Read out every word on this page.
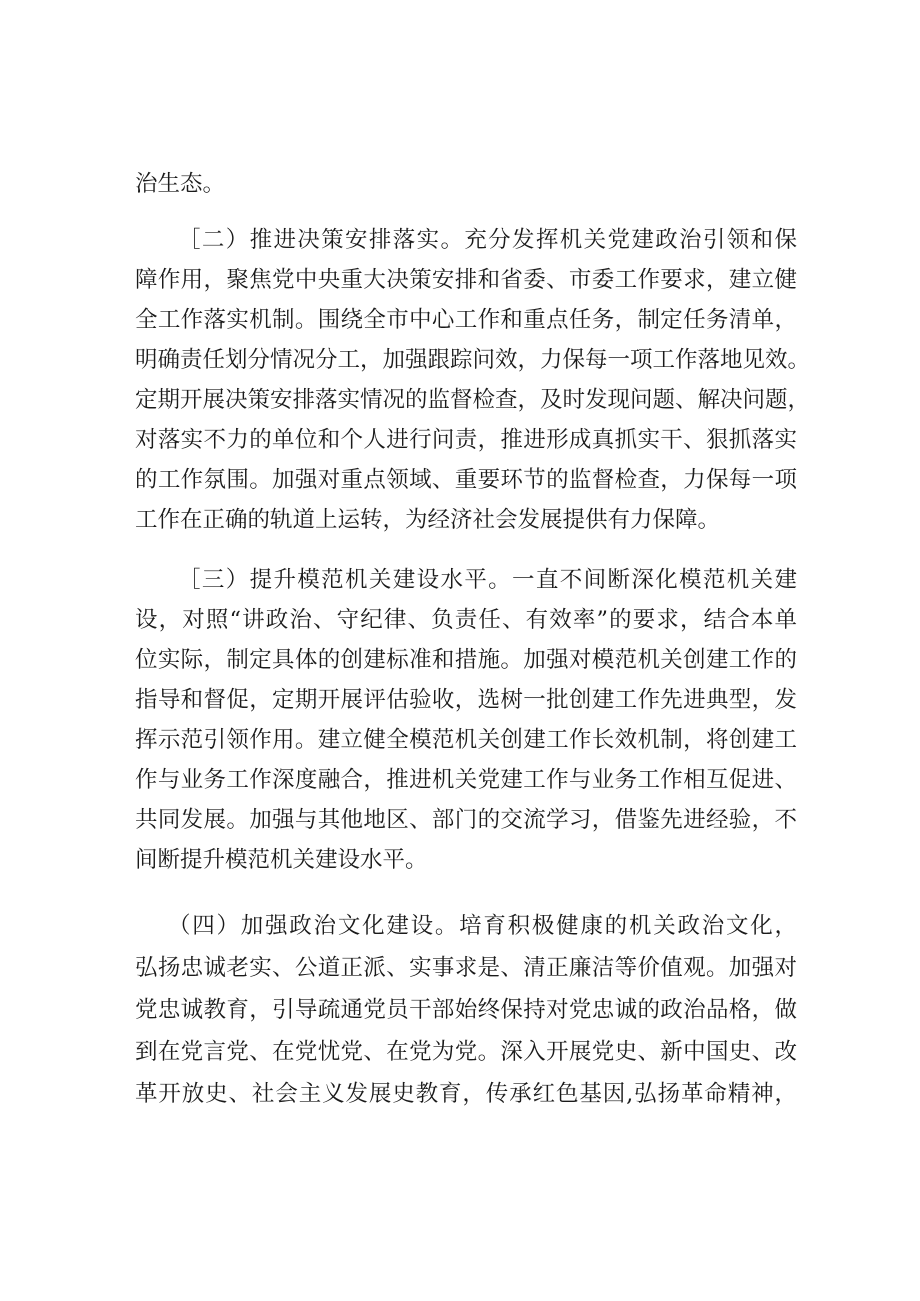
治生态。
［二）推进决策安排落实。充分发挥机关党建政治引领和保
障作用，聚焦党中央重大决策安排和省委、市委工作要求，建立健
全工作落实机制。围绕全市中心工作和重点任务，制定任务清单，
明确责任划分情况分工，加强跟踪问效，力保每一项工作落地见效。
定期开展决策安排落实情况的监督检查，及时发现问题、解决问题，
对落实不力的单位和个人进行问责，推进形成真抓实干、狠抓落实
的工作氛围。加强对重点领域、重要环节的监督检查，力保每一项
工作在正确的轨道上运转，为经济社会发展提供有力保障。
［三）提升模范机关建设水平。一直不间断深化模范机关建
设，对照“讲政治、守纪律、负责任、有效率”的要求，结合本单
位实际，制定具体的创建标准和措施。加强对模范机关创建工作的
指导和督促，定期开展评估验收，选树一批创建工作先进典型，发
挥示范引领作用。建立健全模范机关创建工作长效机制，将创建工
作与业务工作深度融合，推进机关党建工作与业务工作相互促进、
共同发展。加强与其他地区、部门的交流学习，借鉴先进经验，不
间断提升模范机关建设水平。
（四）加强政治文化建设。培育积极健康的机关政治文化，
弘扬忠诚老实、公道正派、实事求是、清正廉洁等价值观。加强对
党忠诚教育，引导疏通党员干部始终保持对党忠诚的政治品格，做
到在党言党、在党忧党、在党为党。深入开展党史、新中国史、改
革开放史、社会主义发展史教育，传承红色基因,弘扬革命精神，
